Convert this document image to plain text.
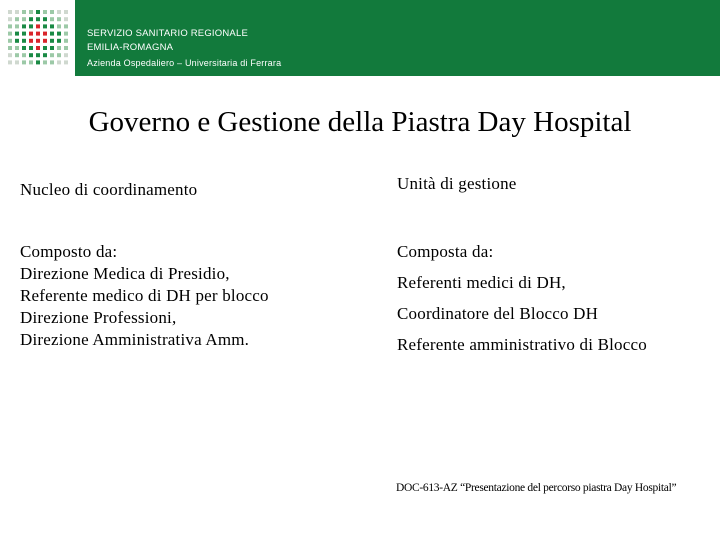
SERVIZIO SANITARIO REGIONALE
EMILIA-ROMAGNA
Azienda Ospedaliero – Universitaria di Ferrara
Governo e Gestione della Piastra Day Hospital
Nucleo di coordinamento	Unità di gestione
Composto da:
Direzione Medica di Presidio,
Referente medico di DH per blocco
Direzione Professioni,
Direzione Amministrativa Amm.
Composta da:
Referenti medici di DH,
Coordinatore del Blocco DH
Referente amministrativo di Blocco
DOC-613-AZ “Presentazione del percorso piastra Day Hospital”
